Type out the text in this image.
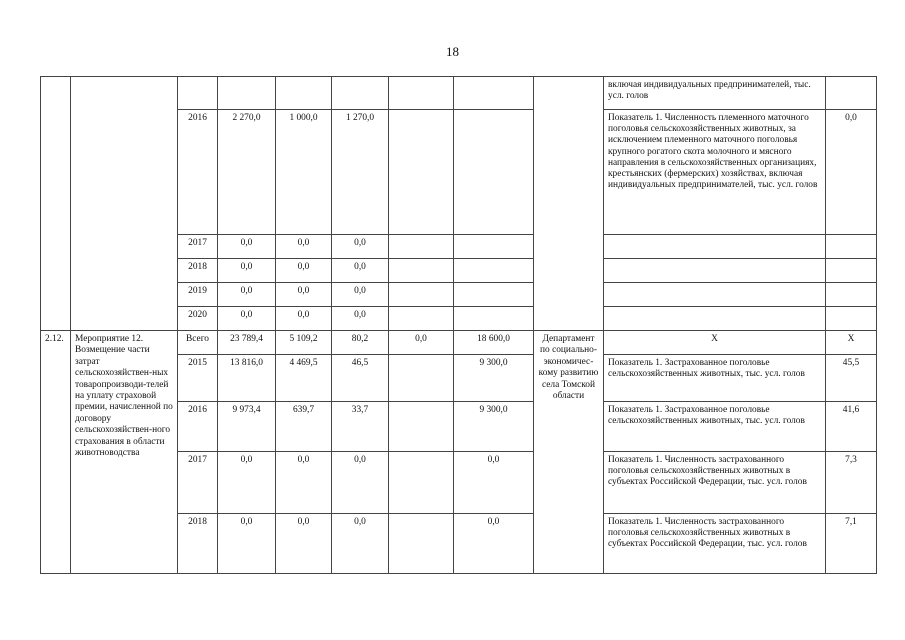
18
									включая индивидуальных предпринимателей, тыс. усл. голов	
		2016	2 270,0	1 000,0	1 270,0				Показатель 1. Численность племенного маточного поголовья сельскохозяйственных животных, за исключением племенного маточного поголовья крупного рогатого скота молочного и мясного направления в сельскохозяйственных организациях, крестьянских (фермерских) хозяйствах, включая индивидуальных предпринимателей, тыс. усл. голов	0,0
		2017	0,0	0,0	0,0					
		2018	0,0	0,0	0,0					
		2019	0,0	0,0	0,0					
		2020	0,0	0,0	0,0					
2.12.	Мероприятие 12. Возмещение части затрат сельскохозяйствен-ных товаропроизводи-телей на уплату страховой премии, начисленной по договору сельскохозяйствен-ного страхования в области животноводства	Всего	23 789,4	5 109,2	80,2	0,0	18 600,0	Департамент по социально-экономичес-кому развитию села Томской области	X	X
		2015	13 816,0	4 469,5	46,5		9 300,0		Показатель 1. Застрахованное поголовье сельскохозяйственных животных, тыс. усл. голов	45,5
		2016	9 973,4	639,7	33,7		9 300,0		Показатель 1. Застрахованное поголовье сельскохозяйственных животных, тыс. усл. голов	41,6
		2017	0,0	0,0	0,0		0,0		Показатель 1. Численность застрахованного поголовья сельскохозяйственных животных в субъектах Российской Федерации, тыс. усл. голов	7,3
		2018	0,0	0,0	0,0		0,0		Показатель 1. Численность застрахованного поголовья сельскохозяйственных животных в субъектах Российской Федерации, тыс. усл. голов	7,1
